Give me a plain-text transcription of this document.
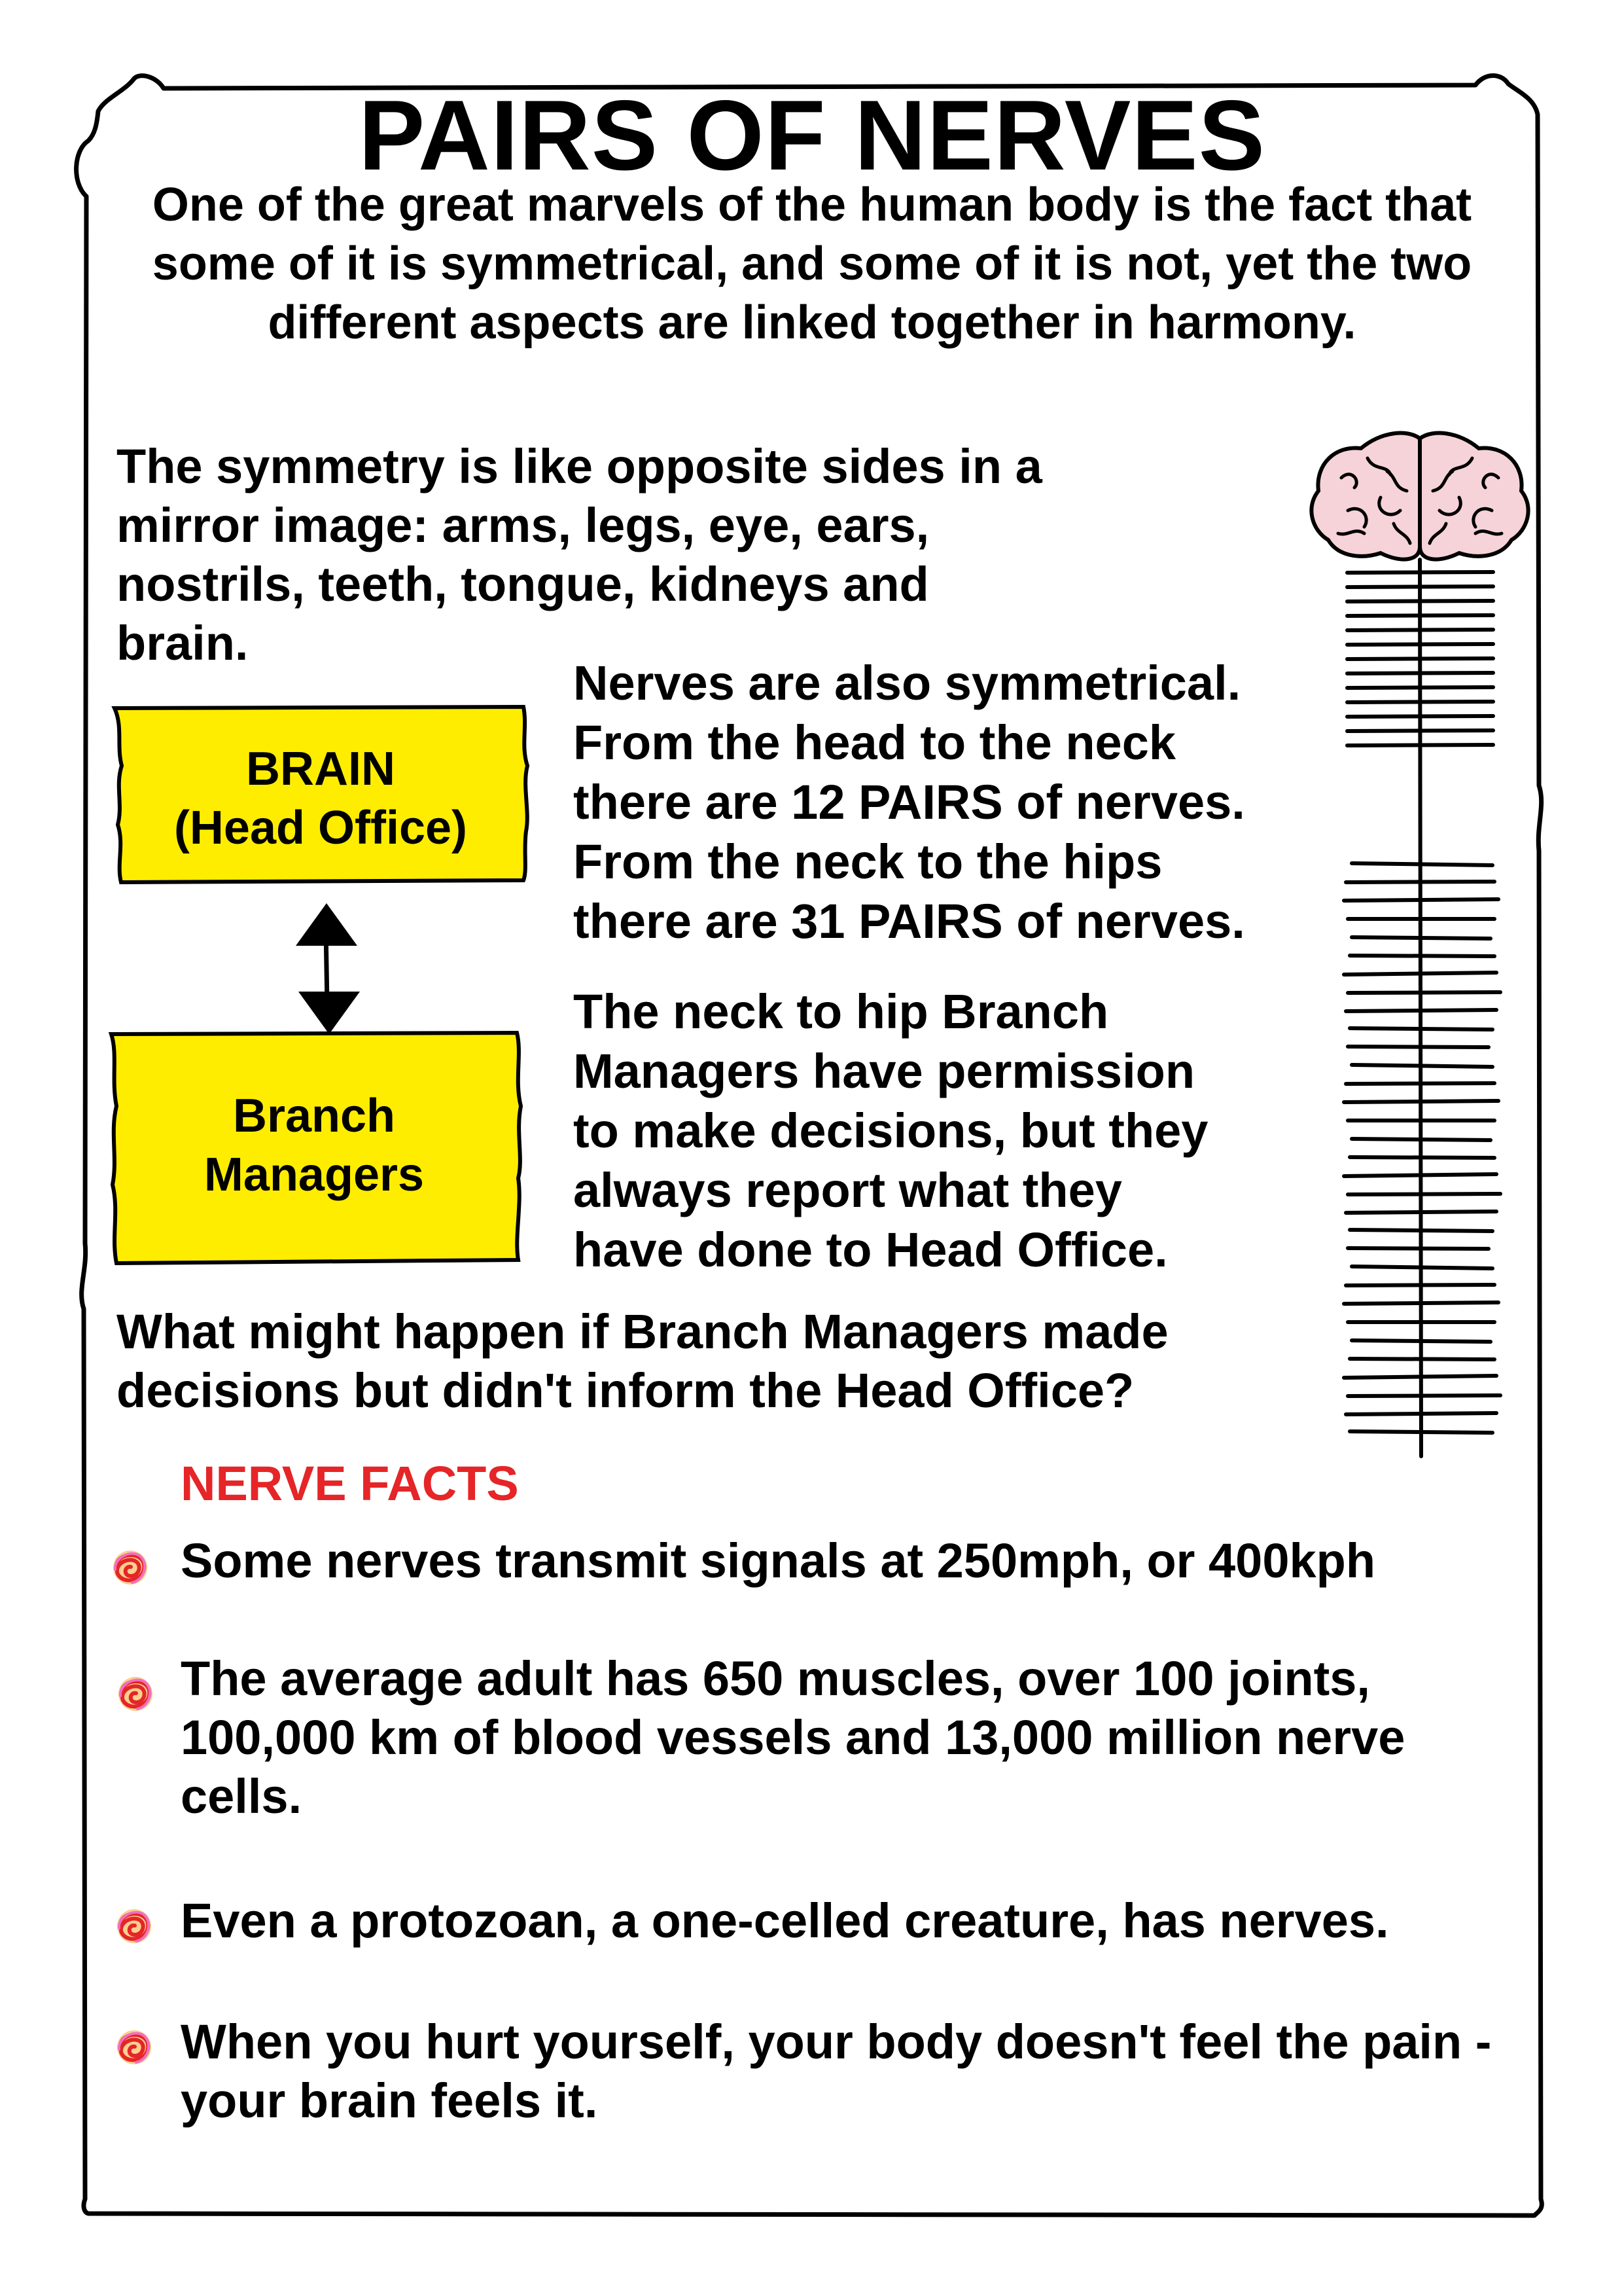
PAIRS OF NERVES

One of the great marvels of the human body is the fact that some of it is symmetrical, and some of it is not, yet the two different aspects are linked together in harmony.

The symmetry is like opposite sides in a mirror image: arms, legs, eye, ears, nostrils, teeth, tongue, kidneys and brain.

BRAIN
(Head Office)
Branch
Managers
Nerves are also symmetrical.
From the head to the neck
there are 12 PAIRS of nerves.
From the neck to the hips
there are 31 PAIRS of nerves.
The neck to hip Branch
Managers have permission
to make decisions, but they
always report what they
have done to Head Office.

What might happen if Branch Managers made decisions but didn't inform the Head Office?

NERVE FACTS

Some nerves transmit signals at 250mph, or 400kph

The average adult has 650 muscles, over 100 joints, 100,000 km of blood vessels and 13,000 million nerve cells.

Even a protozoan, a one-celled creature, has nerves.

When you hurt yourself, your body doesn't feel the pain - your brain feels it.
